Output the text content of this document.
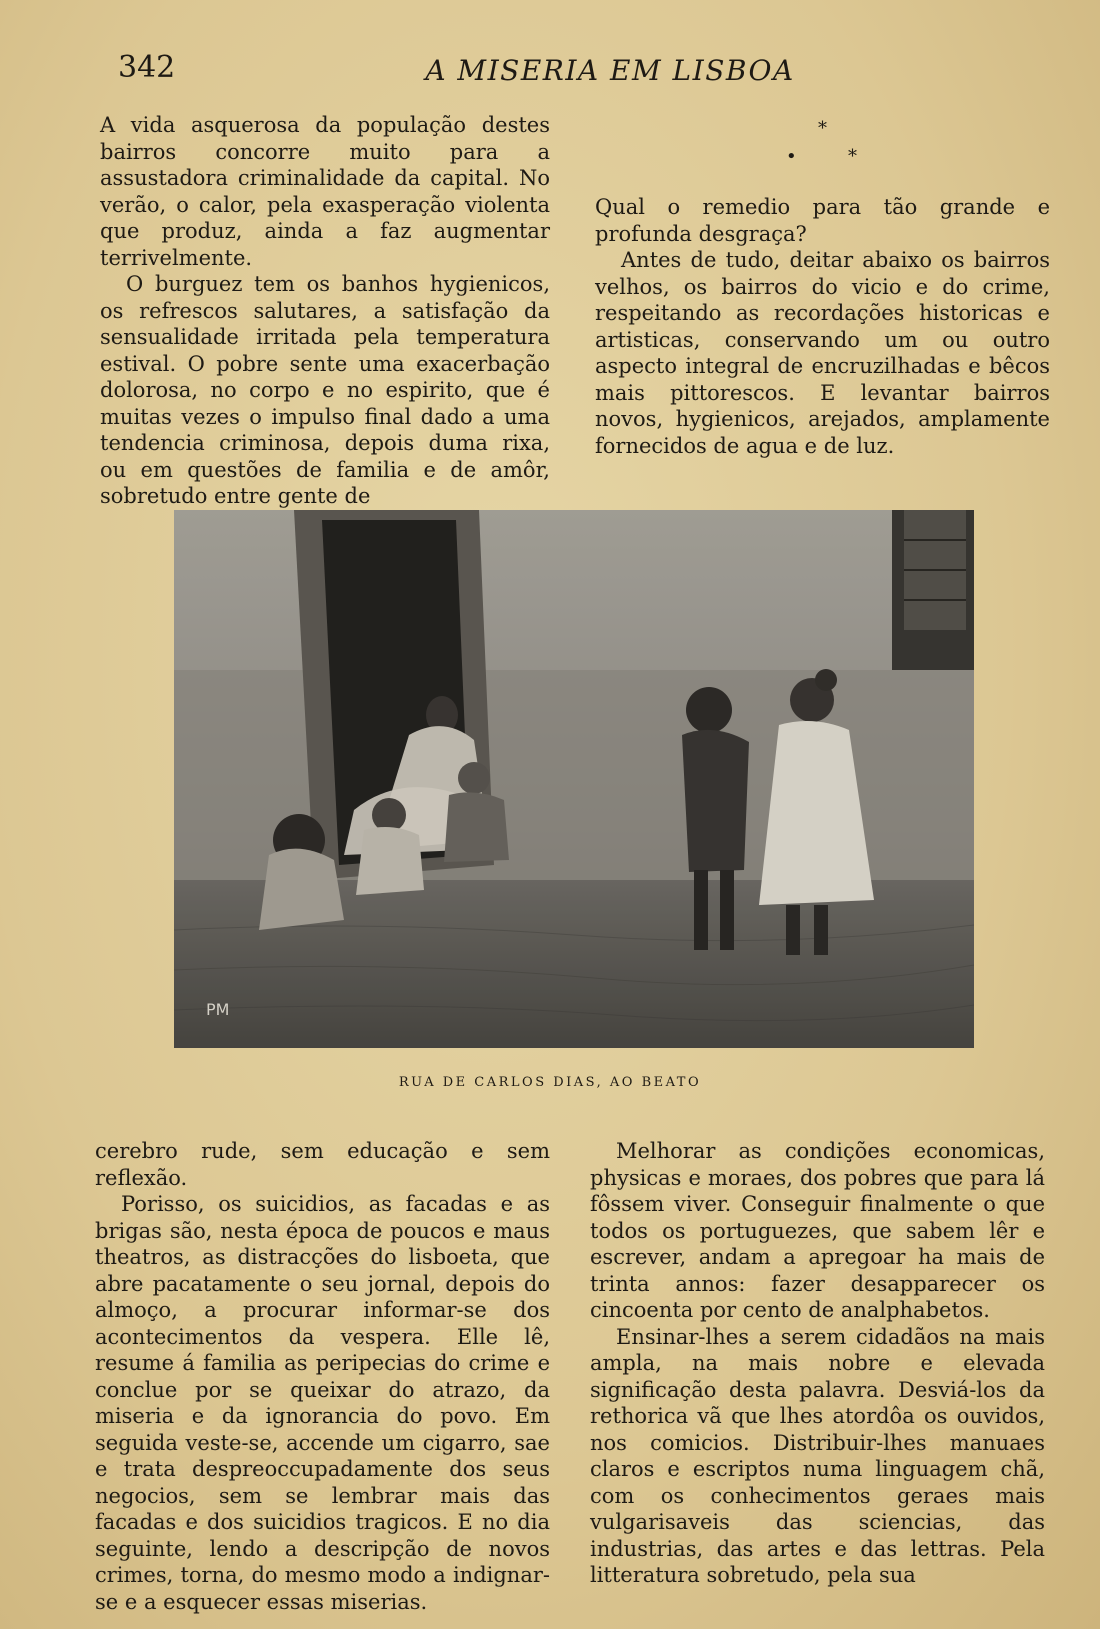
342	A MISERIA EM LISBOA

A vida asquerosa da população destes bairros concorre muito para a assustadora criminalidade da capital. No verão, o calor, pela exasperação violenta que produz, ainda a faz augmentar terrivelmente.

O burguez tem os banhos hygienicos, os refrescos salutares, a satisfação da sensualidade irritada pela temperatura estival. O pobre sente uma exacerbação dolorosa, no corpo e no espirito, que é muitas vezes o impulso final dado a uma tendencia criminosa, depois duma rixa, ou em questões de familia e de amôr, sobretudo entre gente de

*
•	*

Qual o remedio para tão grande e profunda desgraça?

Antes de tudo, deitar abaixo os bairros velhos, os bairros do vicio e do crime, respeitando as recordações historicas e artisticas, conservando um ou outro aspecto integral de encruzilhadas e bêcos mais pittorescos. E levantar bairros novos, hygienicos, arejados, amplamente fornecidos de agua e de luz.

PM
RUA DE CARLOS DIAS, AO BEATO

cerebro rude, sem educação e sem reflexão.

Porisso, os suicidios, as facadas e as brigas são, nesta época de poucos e maus theatros, as distracções do lisboeta, que abre pacatamente o seu jornal, depois do almoço, a procurar informar-se dos acontecimentos da vespera. Elle lê, resume á familia as peripecias do crime e conclue por se queixar do atrazo, da miseria e da ignorancia do povo. Em seguida veste-se, accende um cigarro, sae e trata despreoccupadamente dos seus negocios, sem se lembrar mais das facadas e dos suicidios tragicos. E no dia seguinte, lendo a descripção de novos crimes, torna, do mesmo modo a indignar-se e a esquecer essas miserias.

Melhorar as condições economicas, physicas e moraes, dos pobres que para lá fôssem viver. Conseguir finalmente o que todos os portuguezes, que sabem lêr e escrever, andam a apregoar ha mais de trinta annos: fazer desapparecer os cincoenta por cento de analphabetos.

Ensinar-lhes a serem cidadãos na mais ampla, na mais nobre e elevada significação desta palavra. Desviá-los da rethorica vã que lhes atordôa os ouvidos, nos comicios. Distribuir-lhes manuaes claros e escriptos numa linguagem chã, com os conhecimentos geraes mais vulgarisaveis das sciencias, das industrias, das artes e das lettras. Pela litteratura sobretudo, pela sua
